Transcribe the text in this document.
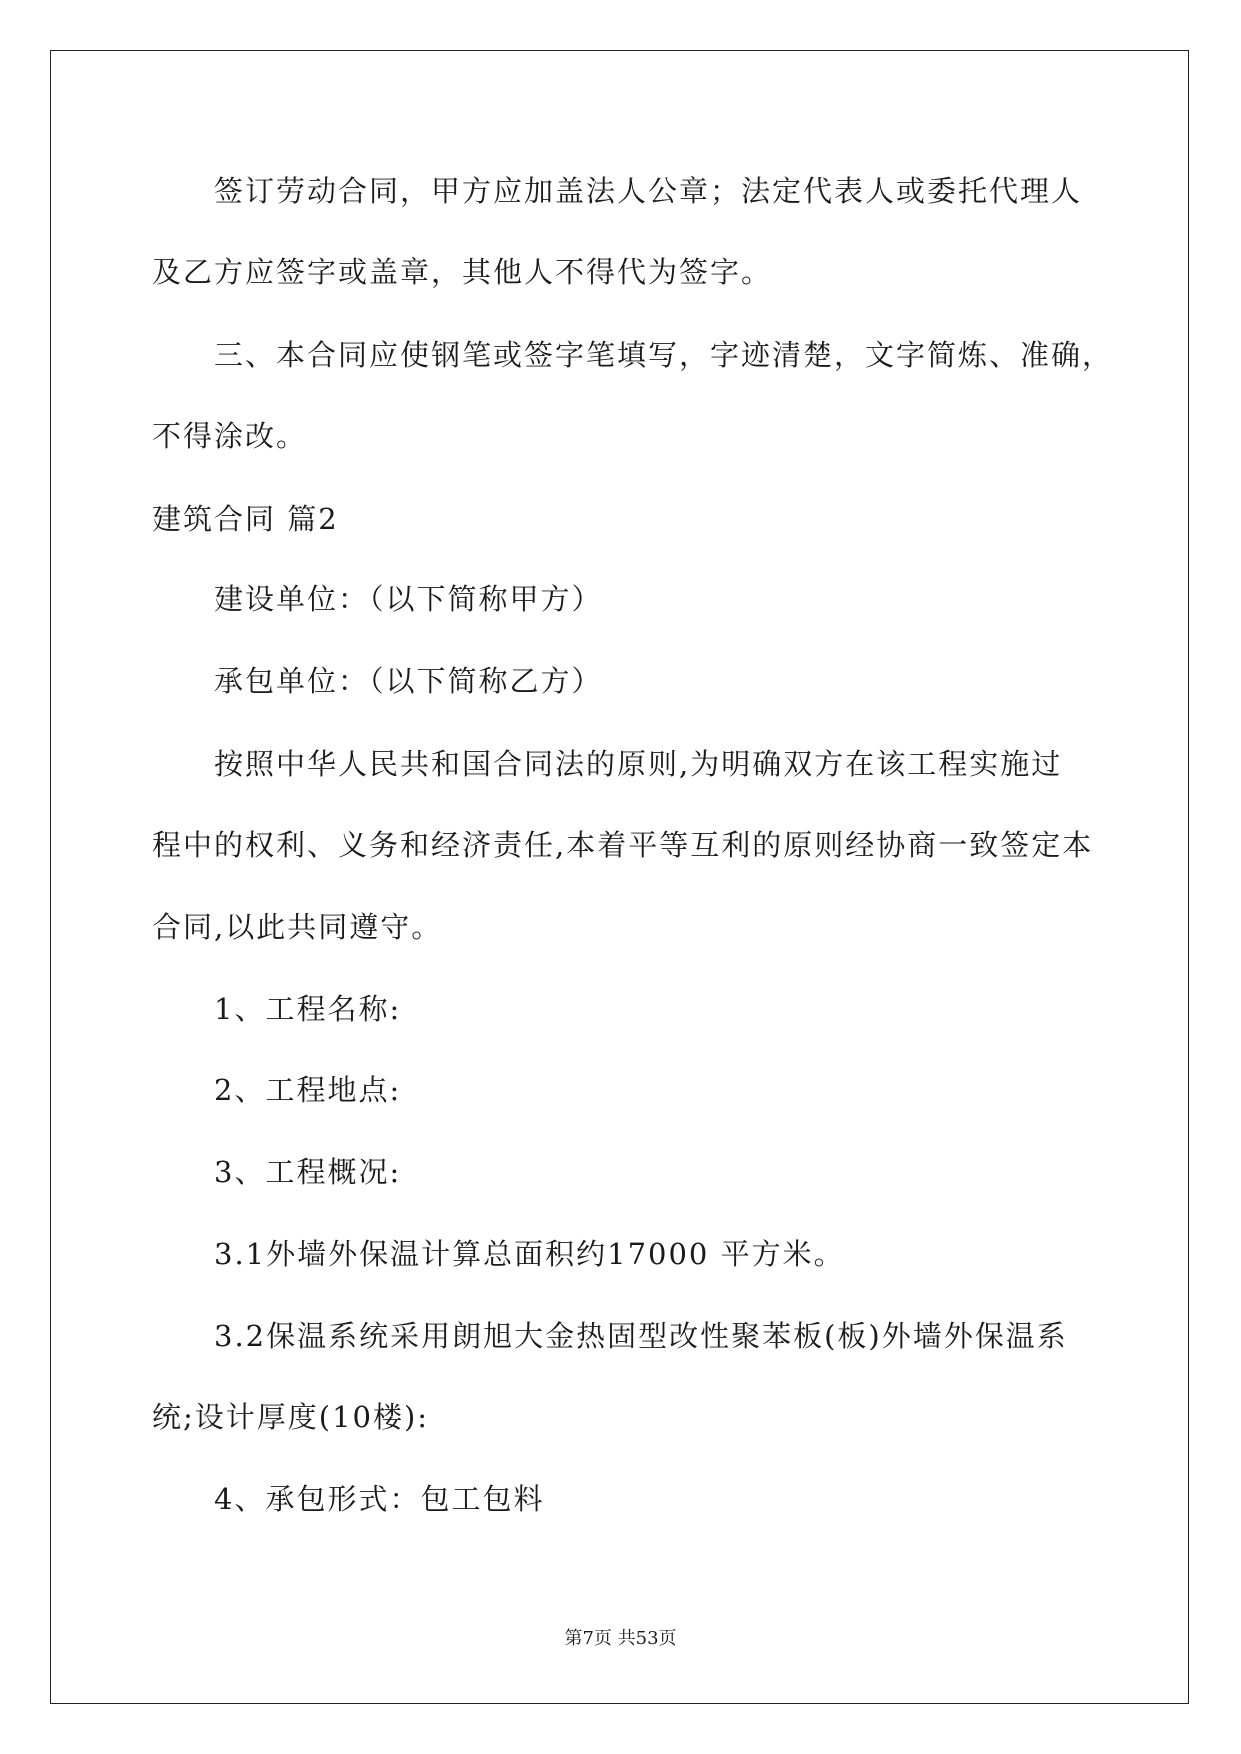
签订劳动合同，甲方应加盖法人公章；法定代表人或委托代理人
及乙方应签字或盖章，其他人不得代为签字。
三、本合同应使钢笔或签字笔填写，字迹清楚，文字简炼、准确，
不得涂改。
建筑合同 篇2
建设单位：（以下简称甲方）
承包单位：（以下简称乙方）
按照中华人民共和国合同法的原则,为明确双方在该工程实施过
程中的权利、义务和经济责任,本着平等互利的原则经协商一致签定本
合同,以此共同遵守。
1、工程名称:
2、工程地点:
3、工程概况:
3.1外墙外保温计算总面积约17000 平方米。
3.2保温系统采用朗旭大金热固型改性聚苯板(板)外墙外保温系
统;设计厚度(10楼):
4、承包形式：包工包料
第7页 共53页
